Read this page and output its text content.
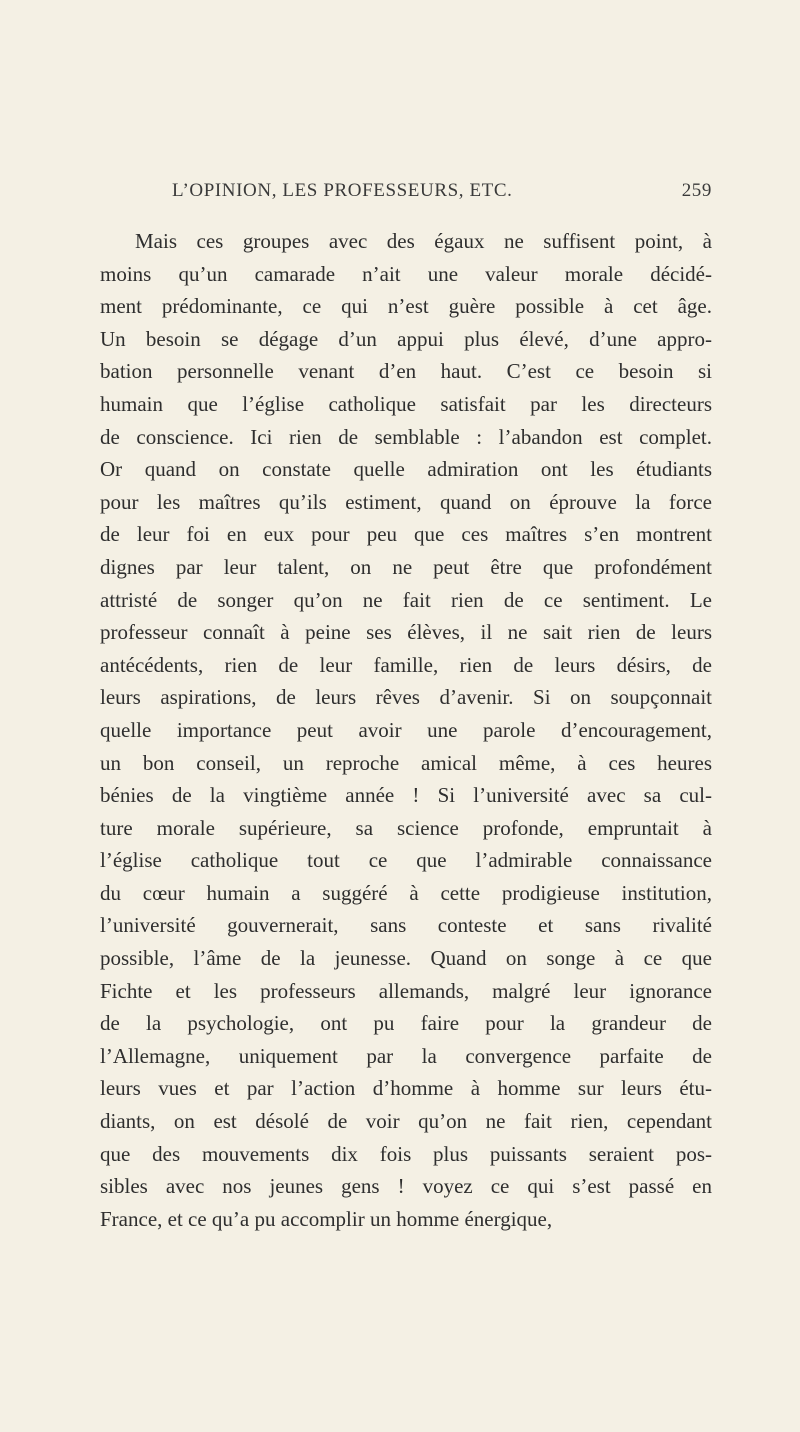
L’OPINION, LES PROFESSEURS, ETC.	259
Mais ces groupes avec des égaux ne suffisent point, à
moins qu’un camarade n’ait une valeur morale décidé-
ment prédominante, ce qui n’est guère possible à cet âge.
Un besoin se dégage d’un appui plus élevé, d’une appro-
bation personnelle venant d’en haut. C’est ce besoin si
humain que l’église catholique satisfait par les directeurs
de conscience. Ici rien de semblable : l’abandon est complet.
Or quand on constate quelle admiration ont les étudiants
pour les maîtres qu’ils estiment, quand on éprouve la force
de leur foi en eux pour peu que ces maîtres s’en montrent
dignes par leur talent, on ne peut être que profondément
attristé de songer qu’on ne fait rien de ce sentiment. Le
professeur connaît à peine ses élèves, il ne sait rien de leurs
antécédents, rien de leur famille, rien de leurs désirs, de
leurs aspirations, de leurs rêves d’avenir. Si on soupçonnait
quelle importance peut avoir une parole d’encouragement,
un bon conseil, un reproche amical même, à ces heures
bénies de la vingtième année ! Si l’université avec sa cul-
ture morale supérieure, sa science profonde, empruntait à
l’église catholique tout ce que l’admirable connaissance
du cœur humain a suggéré à cette prodigieuse institution,
l’université gouvernerait, sans conteste et sans rivalité
possible, l’âme de la jeunesse. Quand on songe à ce que
Fichte et les professeurs allemands, malgré leur ignorance
de la psychologie, ont pu faire pour la grandeur de
l’Allemagne, uniquement par la convergence parfaite de
leurs vues et par l’action d’homme à homme sur leurs étu-
diants, on est désolé de voir qu’on ne fait rien, cependant
que des mouvements dix fois plus puissants seraient pos-
sibles avec nos jeunes gens ! voyez ce qui s’est passé en
France, et ce qu’a pu accomplir un homme énergique,
